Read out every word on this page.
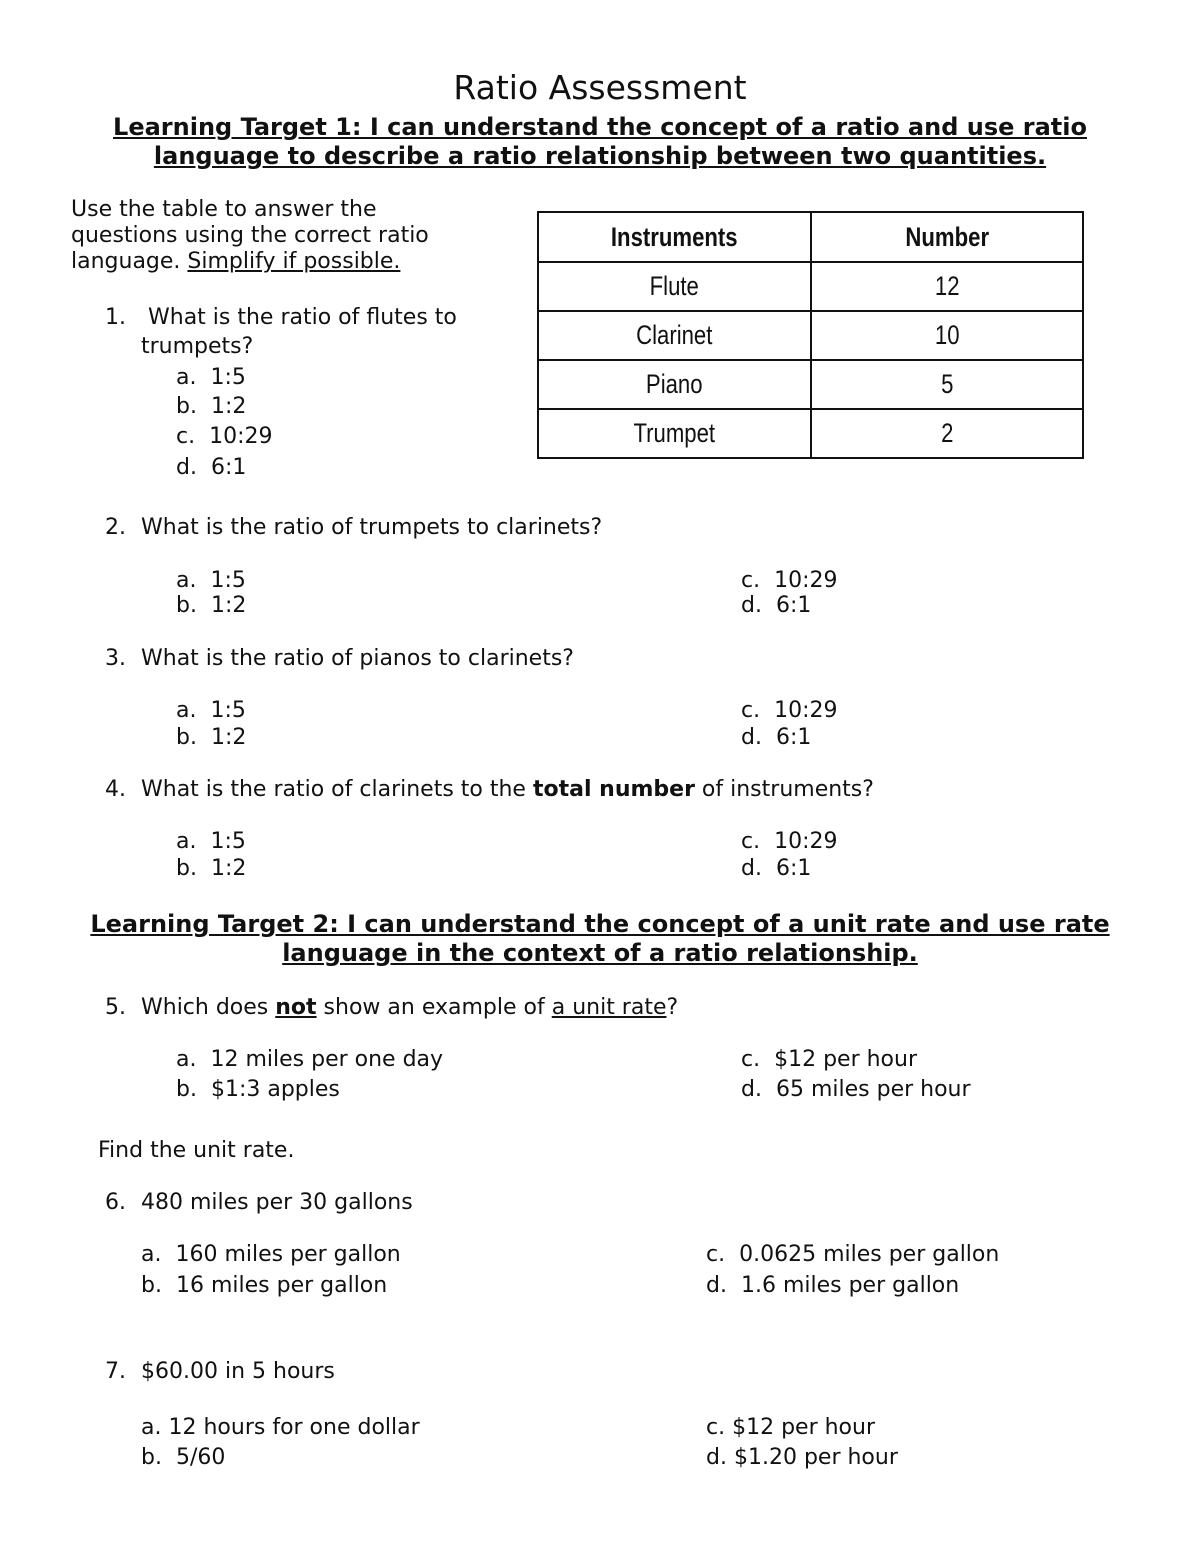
Ratio Assessment
Learning Target 1: I can understand the concept of a ratio and use ratio
language to describe a ratio relationship between two quantities.
Use the table to answer the
questions using the correct ratio
language. Simplify if possible.
Instruments	Number
Flute	12
Clarinet	10
Piano	5
Trumpet	2
1. What is the ratio of flutes to
trumpets?
a. 1:5
b. 1:2
c. 10:29
d. 6:1
2. What is the ratio of trumpets to clarinets?
a. 1:5
b. 1:2
c. 10:29
d. 6:1
3. What is the ratio of pianos to clarinets?
a. 1:5
b. 1:2
c. 10:29
d. 6:1
4. What is the ratio of clarinets to the total number of instruments?
a. 1:5
b. 1:2
c. 10:29
d. 6:1
Learning Target 2: I can understand the concept of a unit rate and use rate
language in the context of a ratio relationship.
5. Which does not show an example of a unit rate?
a.  12 miles per one day
b. $1:3 apples
c. $12 per hour
d. 65 miles per hour
Find the unit rate.
6. 480 miles per 30 gallons
a. 160 miles per gallon
b. 16 miles per gallon
c. 0.0625 miles per gallon
d. 1.6 miles per gallon
7. $60.00 in 5 hours
a. 12 hours for one dollar
b. 5/60
c. $12 per hour
d. $1.20 per hour
